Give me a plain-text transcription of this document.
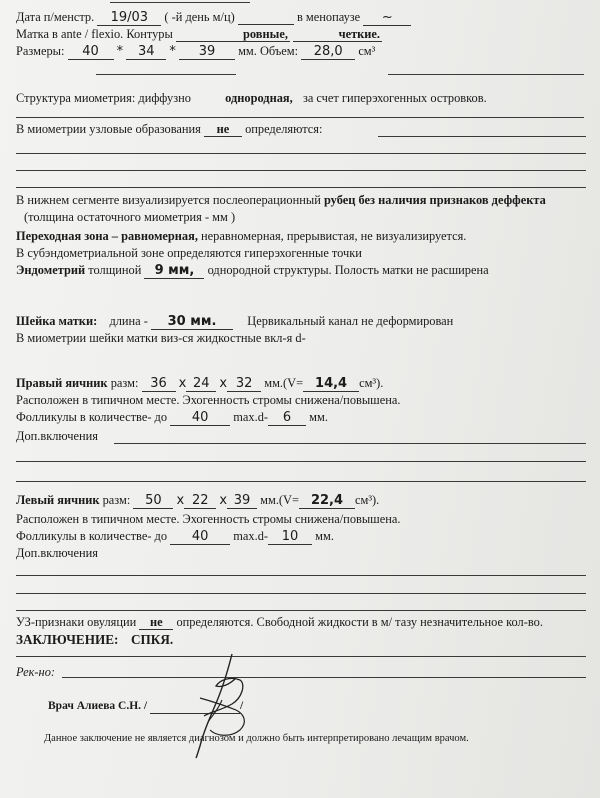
Дата п/менстр. 19/03 ( -й день м/ц)	в менопаузе ~
Матка в ante / flexio. Контуры	ровные,	четкие.
Размеры: 40 * 34 * 39 мм. Объем: 28,0 см³
Структура миометрия: диффузно	однородная, за счет гиперэхогенных островков.
В миометрии узловые образования не определяются:
В нижнем сегменте визуализируется послеоперационный рубец без наличия признаков деффекта
(толщина остаточного миометрия - мм )
Переходная зона – равномерная, неравномерная, прерывистая, не визуализируется.
В субэндометриальной зоне определяются гиперэхогенные точки
Эндометрий толщиной 9 мм, однородной структуры. Полость матки не расширена
Шейка матки: длина - 30 мм. Цервикальный канал не деформирован
В миометрии шейки матки виз-ся жидкостные вкл-я d-
Правый яичник разм: 36 x 24 x 32 мм.(V= 14,4 см³).
Расположен в типичном месте. Эхогенность стромы снижена/повышена.
Фолликулы в количестве- до 40 max.d- 6 мм.
Доп.включения
Левый яичник разм: 50 x 22 x 39 мм.(V= 22,4 см³).
Расположен в типичном месте. Эхогенность стромы снижена/повышена.
Фолликулы в количестве- до 40 max.d- 10 мм.
Доп.включения
УЗ-признаки овуляции не определяются. Свободной жидкости в м/ тазу незначительное кол-во.
ЗАКЛЮЧЕНИЕ: СПКЯ.
Рек-но:
Врач Алиева С.Н. /	/
Данное заключение не является диагнозом и должно быть интерпретировано лечащим врачом.
